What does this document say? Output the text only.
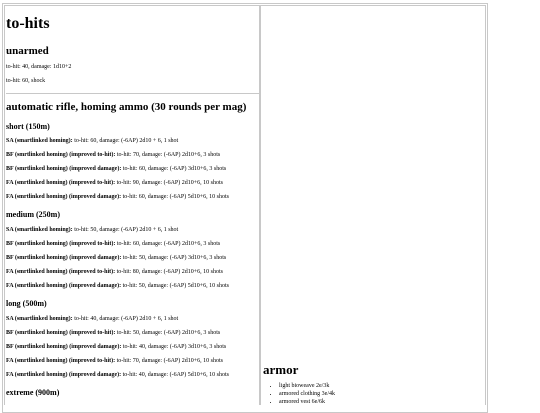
to-hits
unarmed
to-hit: 40, damage: 1d10+2
to-hit: 60, shock
automatic rifle, homing ammo (30 rounds per mag)
short (150m)
SA (smartlinked homing): to-hit: 60, damage: (-6AP) 2d10 + 6, 1 shot
BF (smrtlinked homing) (improved to-hit): to-hit: 70, damage: (-6AP) 2d10+6, 3 shots
BF (smrtlinked homing) (improved damage): to-hit: 60, damage: (-6AP) 3d10+6, 3 shots
FA (smrtlinked homing) (improved to-hit): to-hit: 90, damage: (-6AP) 2d10+6, 10 shots
FA (smrtlinked homing) (improved damage): to-hit: 60, damage: (-6AP) 5d10+6, 10 shots
medium (250m)
SA (smartlinked homing): to-hit: 50, damage: (-6AP) 2d10 + 6, 1 shot
BF (smrtlinked homing) (improved to-hit): to-hit: 60, damage: (-6AP) 2d10+6, 3 shots
BF (smrtlinked homing) (improved damage): to-hit: 50, damage: (-6AP) 3d10+6, 3 shots
FA (smrtlinked homing) (improved to-hit): to-hit: 80, damage: (-6AP) 2d10+6, 10 shots
FA (smrtlinked homing) (improved damage): to-hit: 50, damage: (-6AP) 5d10+6, 10 shots
long (500m)
SA (smartlinked homing): to-hit: 40, damage: (-6AP) 2d10 + 6, 1 shot
BF (smrtlinked homing) (improved to-hit): to-hit: 50, damage: (-6AP) 2d10+6, 3 shots
BF (smrtlinked homing) (improved damage): to-hit: 40, damage: (-6AP) 3d10+6, 3 shots
FA (smrtlinked homing) (improved to-hit): to-hit: 70, damage: (-6AP) 2d10+6, 10 shots
FA (smrtlinked homing) (improved damage): to-hit: 40, damage: (-6AP) 5d10+6, 10 shots
extreme (900m)
armor
• light bioweave 2e/3k
• armored clothing 3e/4k
• armored vest 6e/6k
